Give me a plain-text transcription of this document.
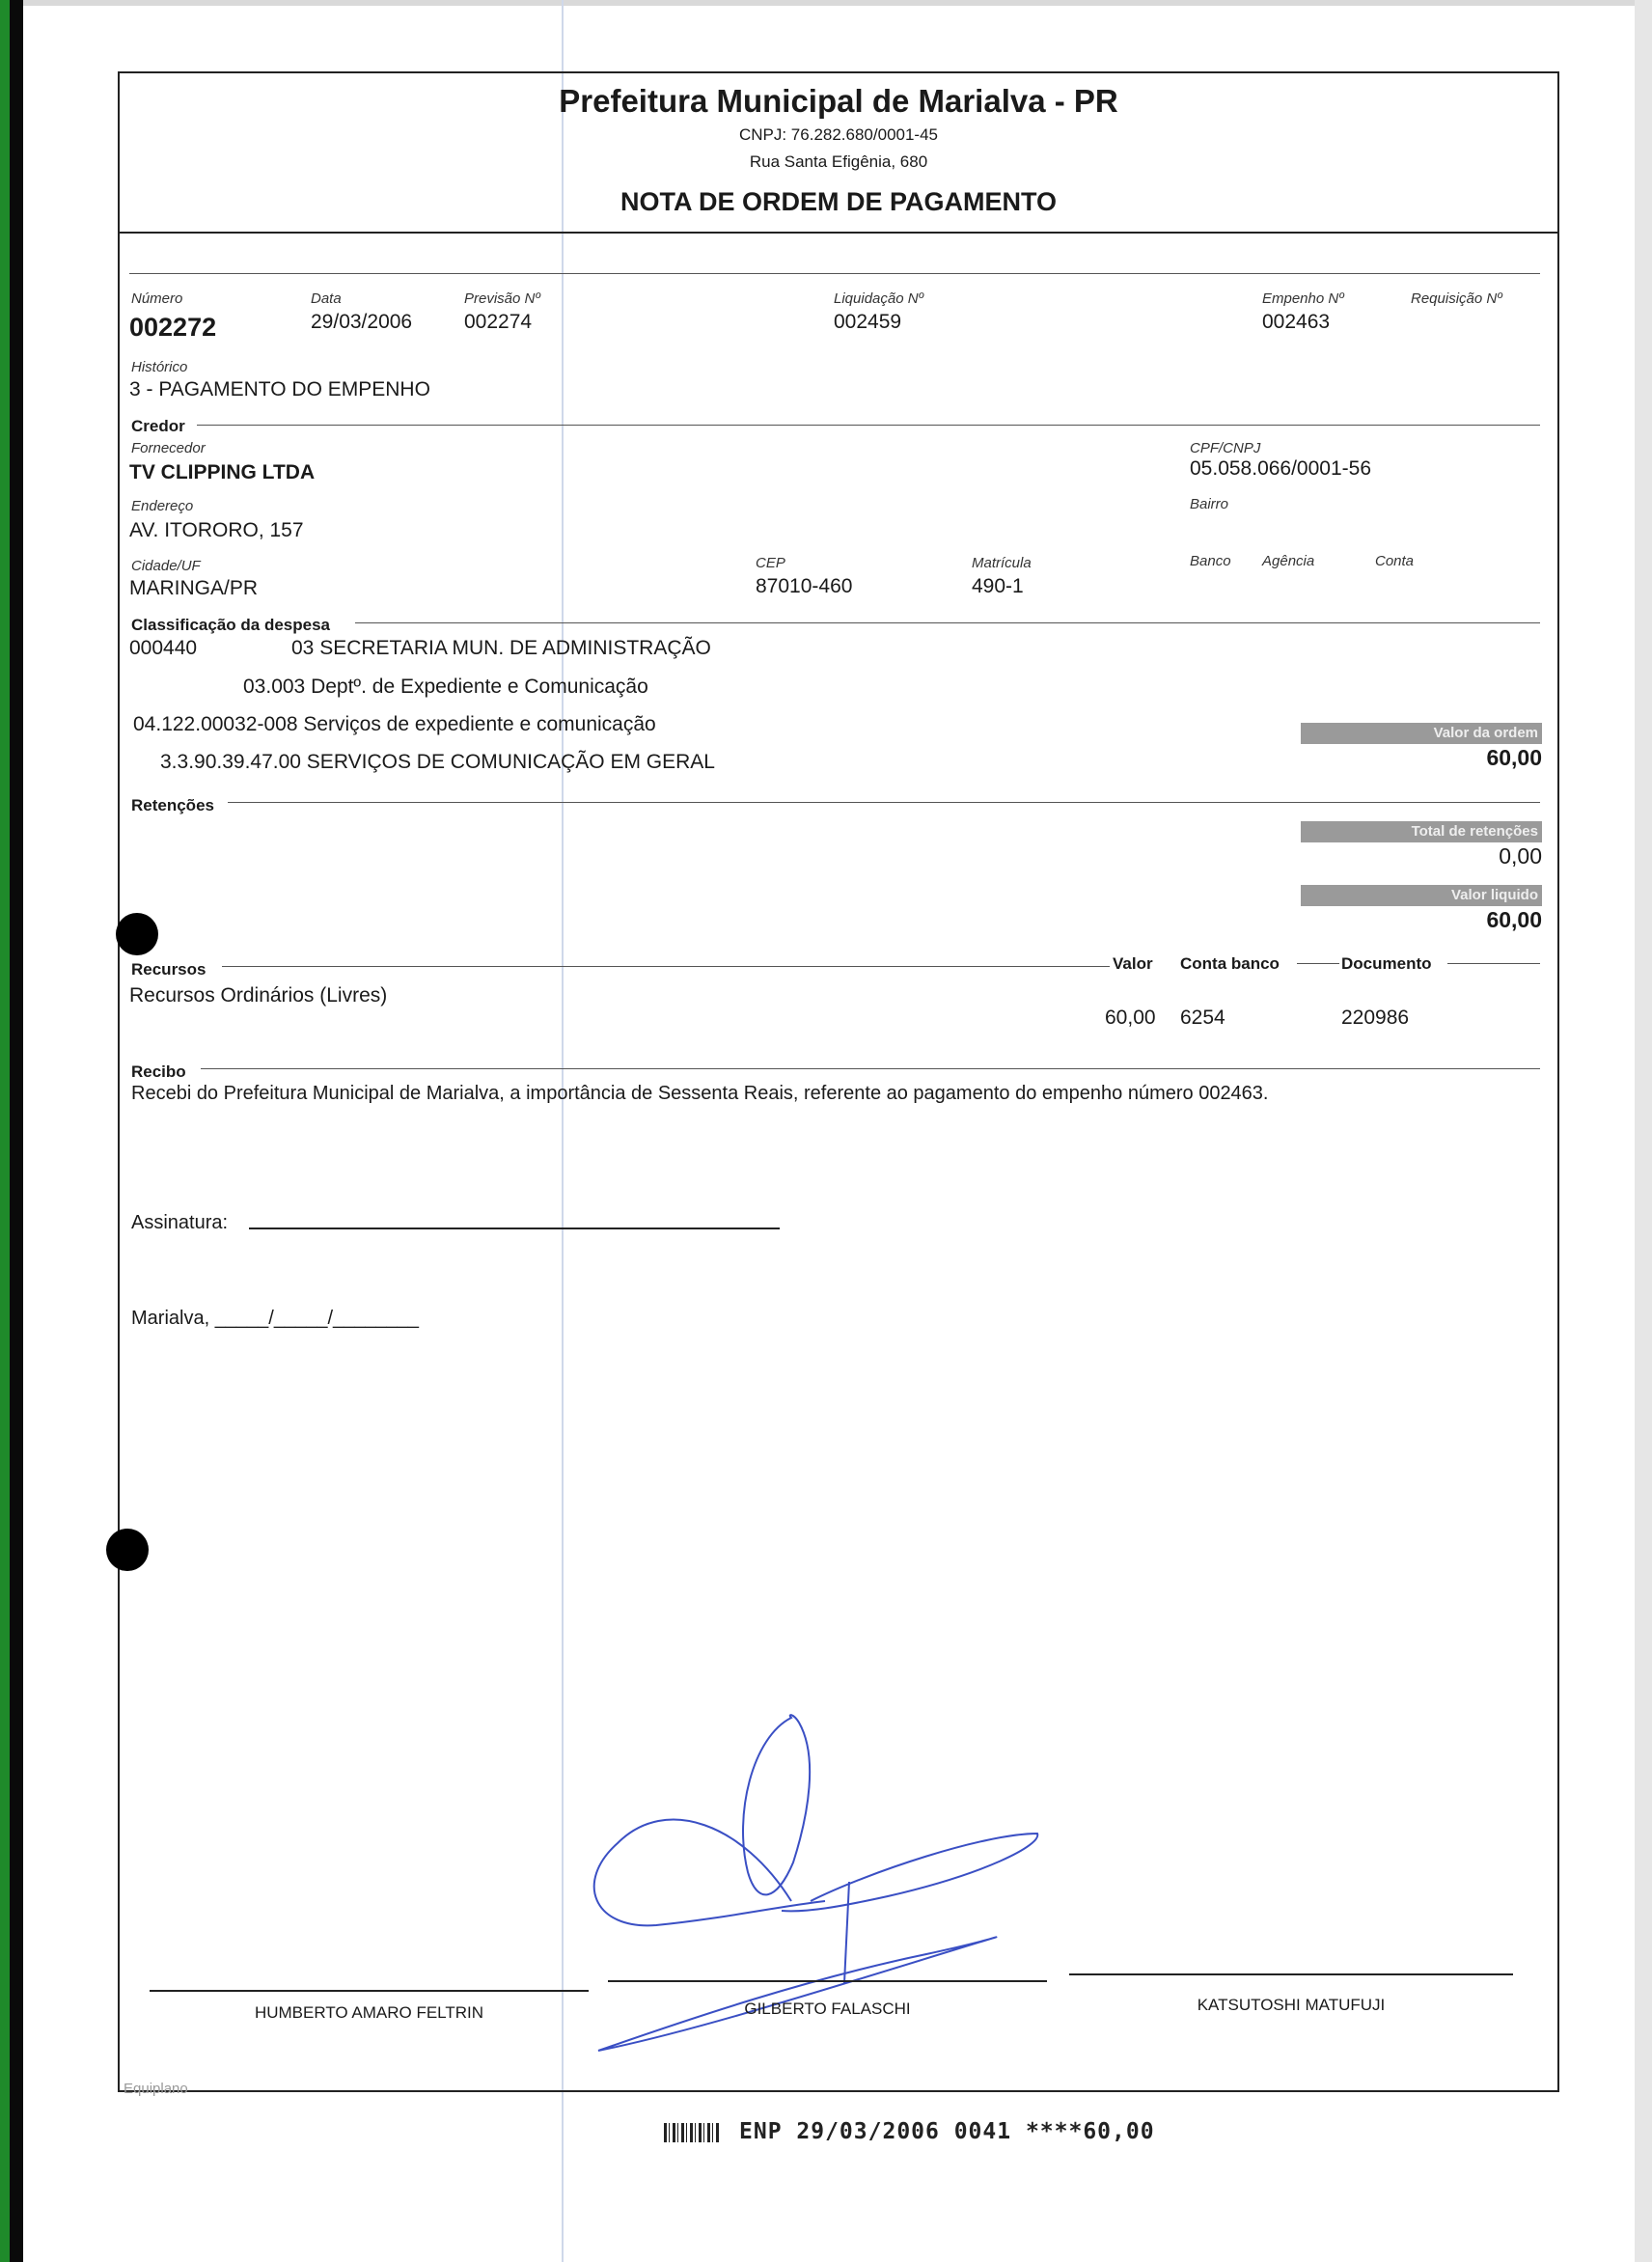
Prefeitura Municipal de Marialva - PR
CNPJ: 76.282.680/0001-45
Rua Santa Efigênia, 680
NOTA DE ORDEM DE PAGAMENTO
Número
002272
Data
29/03/2006
Previsão Nº
002274
Liquidação Nº
002459
Empenho Nº
002463
Requisição Nº
Histórico
3 - PAGAMENTO DO EMPENHO
Credor
Fornecedor
TV CLIPPING LTDA
CPF/CNPJ
05.058.066/0001-56
Endereço
AV. ITORORO, 157
Bairro
Cidade/UF
MARINGA/PR
CEP
87010-460
Matrícula
490-1
Banco Agência	Conta
Classificação da despesa
000440	03 SECRETARIA MUN. DE ADMINISTRAÇÃO
03.003 Deptº. de Expediente e Comunicação
04.122.00032-008 Serviços de expediente e comunicação
3.3.90.39.47.00 SERVIÇOS DE COMUNICAÇÃO EM GERAL
Valor da ordem
60,00
Retenções
Total de retenções
0,00
Valor liquido
60,00
Recursos	Valor Conta banco	Documento
Recursos Ordinários (Livres)
60,00 6254	220986
Recibo
Recebi do Prefeitura Municipal de Marialva, a importância de Sessenta Reais, referente ao pagamento do empenho número 002463.
Assinatura:
Marialva, _____/_____/________
HUMBERTO AMARO FELTRIN	GILBERTO FALASCHI	KATSUTOSHI MATUFUJI
Equiplano
ENP 29/03/2006 0041 ****60,00
